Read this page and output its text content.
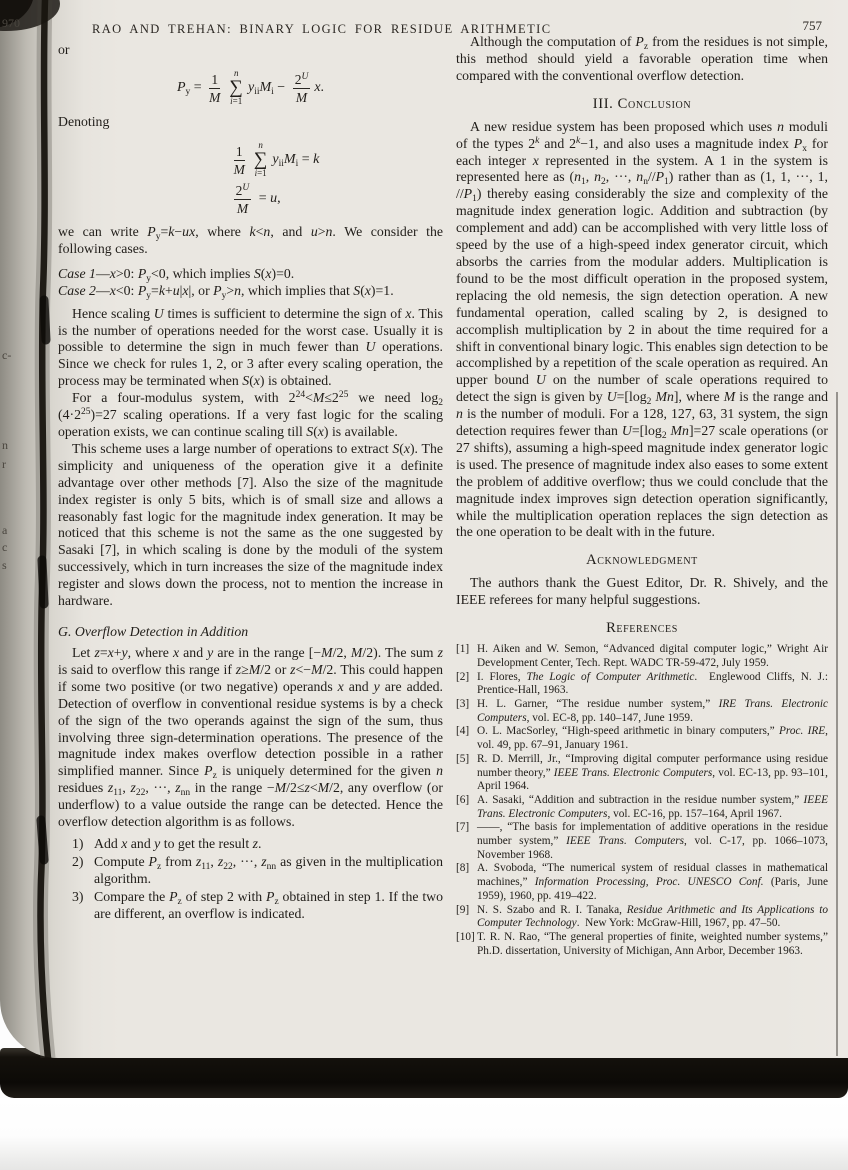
970
c-
n
r
a
c
s
RAO AND TREHAN: BINARY LOGIC FOR RESIDUE ARITHMETIC	757
or
$P_y = \frac{1}{M}$	n
∑
i=1
$y_{ii}M_i - \frac{2^U}{M} x$.
Denoting
$\frac{1}{M}$	n
∑
i=1
$y_{ii}M_i = k$
$\frac{2^U}{M} = u$,
we can write $P_y=k-ux$, where k<n, and u>n. We consider the following cases.
Case 1—x>0: $P_y<0$, which implies S(x)=0.
Case 2—x<0: $P_y=k+u|x|$, or $P_y>n$, which implies that S(x)=1.
Hence scaling U times is sufficient to determine the sign of x. This is the number of operations needed for the worst case. Usually it is possible to determine the sign in much fewer than U operations. Since we check for rules 1, 2, or 3 after every scaling operation, the process may be terminated when S(x) is obtained.
For a four-modulus system, with $2^{24}<M\le 2^{25}$ we need $\log_2 (4\cdot 2^{25})=27$ scaling operations. If a very fast logic for the scaling operation exists, we can continue scaling till S(x) is available.
This scheme uses a large number of operations to extract S(x). The simplicity and uniqueness of the operation give it a definite advantage over other methods [7]. Also the size of the magnitude index register is only 5 bits, which is of small size and allows a reasonably fast logic for the magnitude index generation. It may be noticed that this scheme is not the same as the one suggested by Sasaki [7], in which scaling is done by the moduli of the system successively, which in turn increases the size of the magnitude index register and slows down the process, not to mention the increase in hardware.
G. Overflow Detection in Addition
Let z=x+y, where x and y are in the range [−M/2, M/2). The sum z is said to overflow this range if z≥M/2 or z<−M/2. This could happen if some two positive (or two negative) operands x and y are added. Detection of overflow in conventional residue systems is by a check of the sign of the two operands against the sign of the sum, thus involving three sign-determination operations. The presence of the magnitude index makes overflow detection possible in a rather simplified manner. Since $P_z$ is uniquely determined for the given n residues $z_{11}$, $z_{22}$, ···, $z_{nn}$ in the range −M/2≤z<M/2, any overflow (or underflow) to a value outside the range can be detected. Hence the overflow detection algorithm is as follows.
1) Add x and y to get the result z.
2) Compute $P_z$ from $z_{11}$, $z_{22}$, ···, $z_{nn}$ as given in the multiplication algorithm.
3) Compare the $P_z$ of step 2 with $P_z$ obtained in step 1. If the two are different, an overflow is indicated.
Although the computation of $P_z$ from the residues is not simple, this method should yield a favorable operation time when compared with the conventional overflow detection.
III. Conclusion
A new residue system has been proposed which uses n moduli of the types 2$^k$ and $2^k-1$, and also uses a magnitude index $P_x$ for each integer x represented in the system. A 1 in the system is represented here as ($n_1$, $n_2$, ···, $n_n//P_1$) rather than as (1, 1, ···, 1, $//P_1$) thereby easing considerably the size and complexity of the magnitude index generation logic. Addition and subtraction (by complement and add) can be accomplished with very little loss of speed by the use of a high-speed index generator circuit, which absorbs the carries from the modular adders. Multiplication is found to be the most difficult operation in the proposed system, replacing the old nemesis, the sign detection operation. A new fundamental operation, called scaling by 2, is designed to accomplish multiplication by 2 in about the time required for a shift in conventional binary logic. This enables sign detection to be accomplished by a repetition of the scale operation as required. An upper bound U on the number of scale operations required to detect the sign is given by $U=[\log_2$ Mn], where M is the range and n is the number of moduli. For a 128, 127, 63, 31 system, the sign detection requires fewer than $U=[\log_2$ Mn]=27 scale operations (or 27 shifts), assuming a high-speed magnitude index generator logic is used. The presence of magnitude index also eases to some extent the problem of additive overflow; thus we could conclude that the magnitude index improves sign detection operation significantly, while the multiplication operation replaces the sign detection as the one operation to be dealt with in the future.
Acknowledgment
The authors thank the Guest Editor, Dr. R. Shively, and the IEEE referees for many helpful suggestions.
References
[1] H. Aiken and W. Semon, “Advanced digital computer logic,” Wright Air Development Center, Tech. Rept. WADC TR-59-472, July 1959.
[2] I. Flores, The Logic of Computer Arithmetic.  Englewood Cliffs, N. J.: Prentice-Hall, 1963.
[3] H. L. Garner, “The residue number system,” IRE Trans. Electronic Computers, vol. EC-8, pp. 140–147, June 1959.
[4] O. L. MacSorley, “High-speed arithmetic in binary computers,” Proc. IRE, vol. 49, pp. 67–91, January 1961.
[5] R. D. Merrill, Jr., “Improving digital computer performance using residue number theory,” IEEE Trans. Electronic Computers, vol. EC-13, pp. 93–101, April 1964.
[6] A. Sasaki, “Addition and subtraction in the residue number system,” IEEE Trans. Electronic Computers, vol. EC-16, pp. 157–164, April 1967.
[7] ——, “The basis for implementation of additive operations in the residue number system,” IEEE Trans. Computers, vol. C-17, pp. 1066–1073, November 1968.
[8] A. Svoboda, “The numerical system of residual classes in mathematical machines,” Information Processing, Proc. UNESCO Conf. (Paris, June 1959), 1960, pp. 419–422.
[9] N. S. Szabo and R. I. Tanaka, Residue Arithmetic and Its Applications to Computer Technology.  New York: McGraw-Hill, 1967, pp. 47–50.
[10] T. R. N. Rao, “The general properties of finite, weighted number systems,” Ph.D. dissertation, University of Michigan, Ann Arbor, December 1963.
